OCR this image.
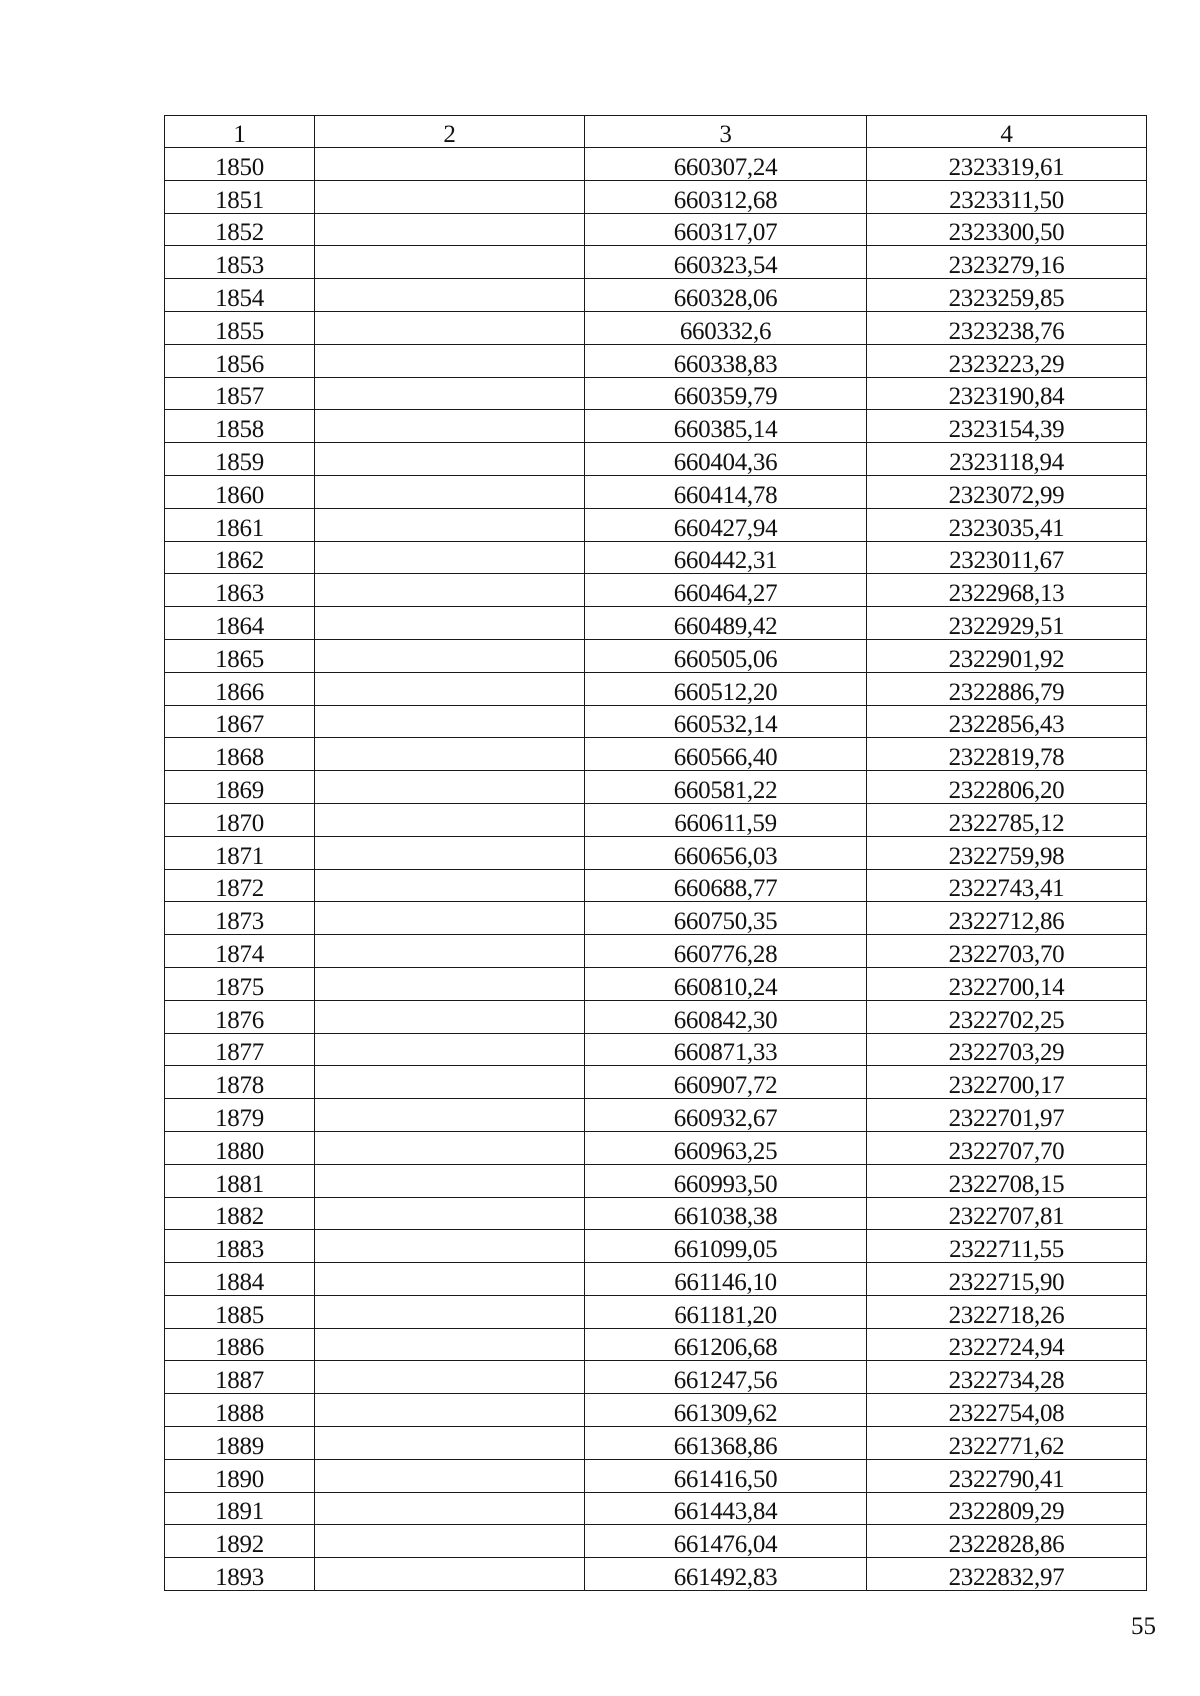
1	2	3	4
1850		660307,24	2323319,61
1851		660312,68	2323311,50
1852		660317,07	2323300,50
1853		660323,54	2323279,16
1854		660328,06	2323259,85
1855		660332,6	2323238,76
1856		660338,83	2323223,29
1857		660359,79	2323190,84
1858		660385,14	2323154,39
1859		660404,36	2323118,94
1860		660414,78	2323072,99
1861		660427,94	2323035,41
1862		660442,31	2323011,67
1863		660464,27	2322968,13
1864		660489,42	2322929,51
1865		660505,06	2322901,92
1866		660512,20	2322886,79
1867		660532,14	2322856,43
1868		660566,40	2322819,78
1869		660581,22	2322806,20
1870		660611,59	2322785,12
1871		660656,03	2322759,98
1872		660688,77	2322743,41
1873		660750,35	2322712,86
1874		660776,28	2322703,70
1875		660810,24	2322700,14
1876		660842,30	2322702,25
1877		660871,33	2322703,29
1878		660907,72	2322700,17
1879		660932,67	2322701,97
1880		660963,25	2322707,70
1881		660993,50	2322708,15
1882		661038,38	2322707,81
1883		661099,05	2322711,55
1884		661146,10	2322715,90
1885		661181,20	2322718,26
1886		661206,68	2322724,94
1887		661247,56	2322734,28
1888		661309,62	2322754,08
1889		661368,86	2322771,62
1890		661416,50	2322790,41
1891		661443,84	2322809,29
1892		661476,04	2322828,86
1893		661492,83	2322832,97
55
